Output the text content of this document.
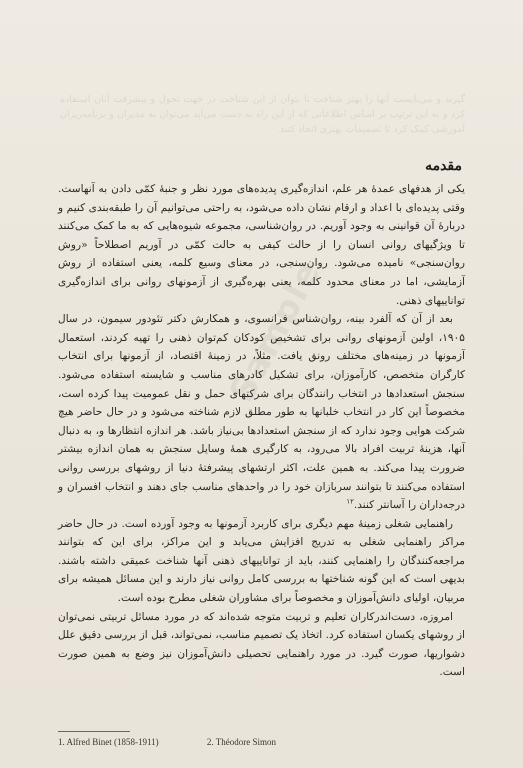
گیرند و می‌بایست آنها را بهتر شناخت تا بتوان از این شناخت در جهت تحول و پیشرفت آنان استفاده کرد و به این ترتیب بر اساس اطلاعاتی که از این راه به دست می‌آید می‌توان به مدیران و برنامه‌ریزان آموزشی کمک کرد تا تصمیمات بهتری اتخاذ کنند.
Sample
مقدمه

یکی از هدفهای عمدهٔ هر علم، اندازه‌گیری پدیده‌های مورد نظر و جنبهٔ کمّی دادن به آنهاست. وقتی پدیده‌ای با اعداد و ارقام نشان داده می‌شود، به راحتی می‌توانیم آن را طبقه‌بندی کنیم و دربارهٔ آن قوانینی به وجود آوریم. در روان‌شناسی، مجموعه شیوه‌هایی که به ما کمک می‌کنند تا ویژگیهای روانی انسان را از حالت کیفی به حالت کمّی در آوریم اصطلاحاً «روش روان‌سنجی» نامیده می‌شود. روان‌سنجی، در معنای وسیع کلمه، یعنی استفاده از روش آزمایشی، اما در معنای محدود کلمه، یعنی بهره‌گیری از آزمونهای روانی برای اندازه‌گیری تواناییهای ذهنی.

بعد از آن که آلفرد بینه، روان‌شناس فرانسوی، و همکارش دکتر تئودور سیمون، در سال ۱۹۰۵، اولین آزمونهای روانی برای تشخیص کودکان کم‌توان ذهنی را تهیه کردند، استعمال آزمونها در زمینه‌های مختلف رونق یافت. مثلاً، در زمینهٔ اقتصاد، از آزمونها برای انتخاب کارگران متخصص، کارآموزان، برای تشکیل کادرهای مناسب و شایسته استفاده می‌شود. سنجش استعدادها در انتخاب رانندگان برای شرکتهای حمل و نقل عمومیت پیدا کرده است، مخصوصاً این کار در انتخاب خلبانها به طور مطلق لازم شناخته می‌شود و در حال حاضر هیچ شرکت هوایی وجود ندارد که از سنجش استعدادها بی‌نیاز باشد. هر اندازه انتظارها و، به دنبال آنها، هزینهٔ تربیت افراد بالا می‌رود، به کارگیری همهٔ وسایل سنجش به همان اندازه بیشتر ضرورت پیدا می‌کند. به همین علت، اکثر ارتشهای پیشرفتهٔ دنیا از روشهای بررسی روانی استفاده می‌کنند تا بتوانند سربازان خود را در واحدهای مناسب جای دهند و انتخاب افسران و درجه‌داران را آسانتر کنند.$^{۱۲}$

راهنمایی شغلی زمینهٔ مهم دیگری برای کاربرد آزمونها به وجود آورده است. در حال حاضر مراکز راهنمایی شغلی به تدریج افزایش می‌یابد و این مراکز، برای این که بتوانند مراجعه‌کنندگان را راهنمایی کنند، باید از تواناییهای ذهنی آنها شناخت عمیقی داشته باشند. بدیهی است که این گونه شناختها به بررسی کامل روانی نیاز دارند و این مسائل همیشه برای مربیان، اولیای دانش‌آموزان و مخصوصاً برای مشاوران شغلی مطرح بوده است.

امروزه، دست‌اندرکاران تعلیم و تربیت متوجه شده‌اند که در مورد مسائل تربیتی نمی‌توان از روشهای یکسان استفاده کرد. اتخاذ یک تصمیم مناسب، نمی‌تواند، قبل از بررسی دقیق علل دشواریها، صورت گیرد. در مورد راهنمایی تحصیلی دانش‌آموزان نیز وضع به همین صورت است.

1. Alfred Binet (1858-1911)	2. Théodore Simon
